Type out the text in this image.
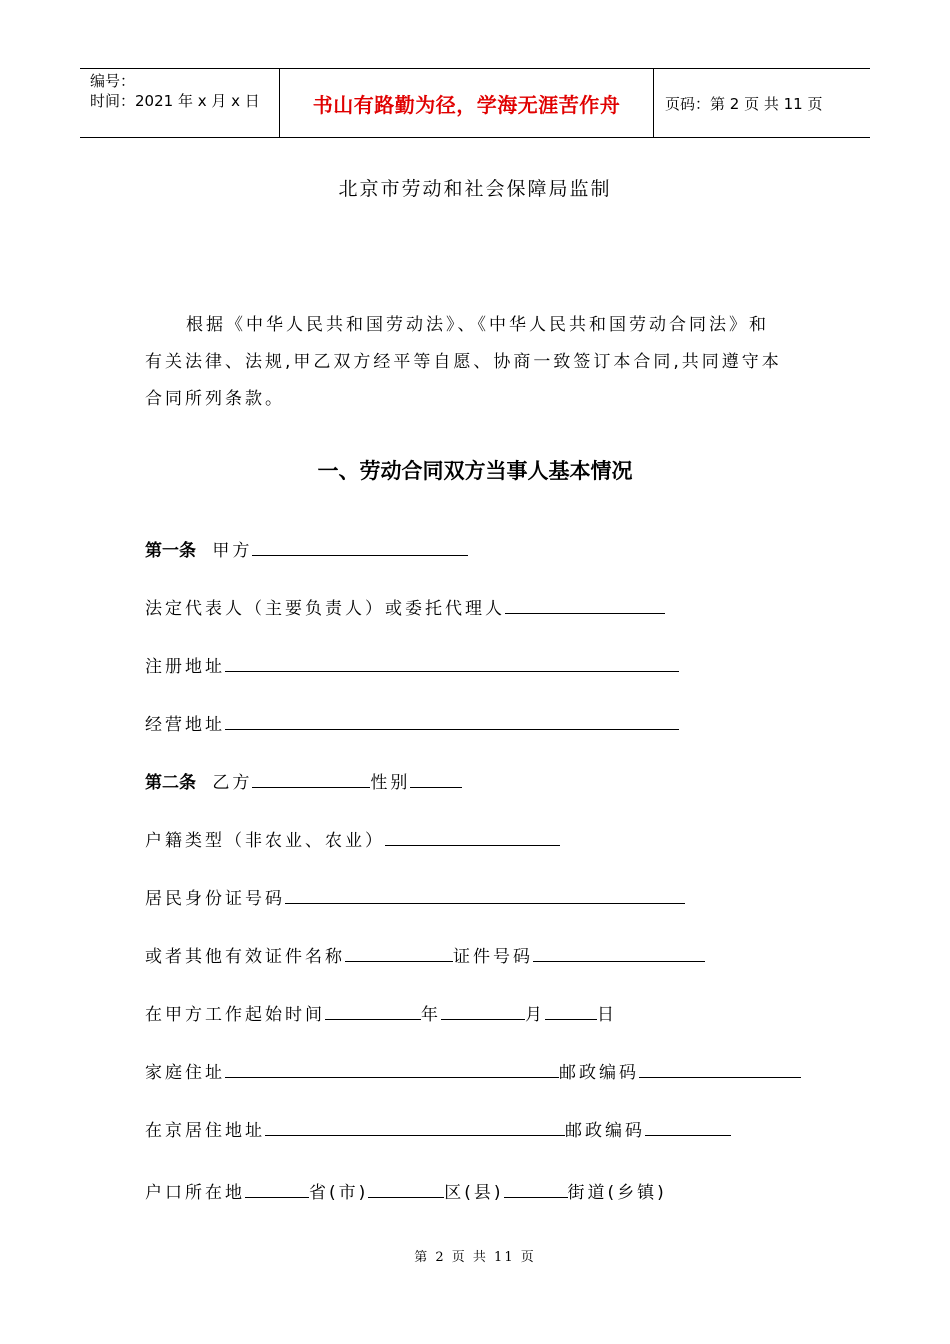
编号：
时间：2021 年 x 月 x 日	书山有路勤为径，学海无涯苦作舟	页码：第 2 页 共 11 页
北京市劳动和社会保障局监制
根据《中华人民共和国劳动法》、《中华人民共和国劳动合同法》和
有关法律、法规,甲乙双方经平等自愿、协商一致签订本合同,共同遵守本
合同所列条款。
一、劳动合同双方当事人基本情况
第一条 甲方
法定代表人（主要负责人）或委托代理人
注册地址
经营地址
第二条 乙方	性别
户籍类型（非农业、农业）
居民身份证号码
或者其他有效证件名称	证件号码
在甲方工作起始时间	年	月	日
家庭住址	邮政编码
在京居住地址	邮政编码
户口所在地	省(市)	区(县)	街道(乡镇)
第 2 页 共 11 页
